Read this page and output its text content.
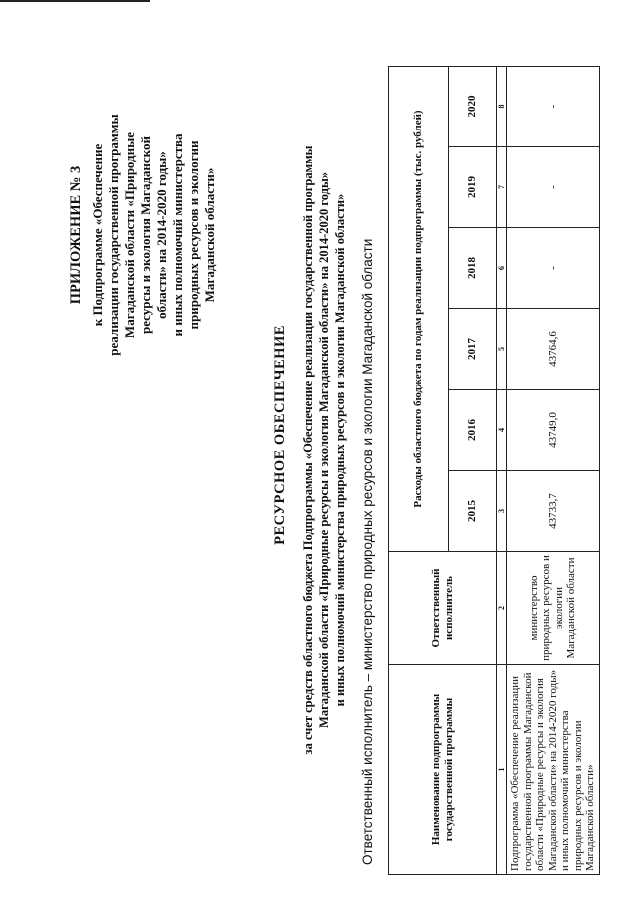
ПРИЛОЖЕНИЕ № 3 к Подпрограмме «Обеспечение реализации государственной программы Магаданской области «Природные ресурсы и экология Магаданской области» на 2014-2020 годы» и иных полномочий министерства природных ресурсов и экологии Магаданской области»
РЕСУРСНОЕ ОБЕСПЕЧЕНИЕ за счет средств областного бюджета Подпрограммы «Обеспечение реализации государственной программы Магаданской области «Природные ресурсы и экология Магаданской области» на 2014-2020 годы» и иных полномочий министерства природных ресурсов и экологии Магаданской области» Ответственный исполнитель – министерство природных ресурсов и экологии Магаданской области	Наименование подпрограммы государственной программы	Ответственный исполнитель	Расходы областного бюджета по годам реализации подпрограммы (тыс. рублей)					
		2015	2016	2017	2018	2019	2020
1	2	3	4	5	6	7	8
Подпрограмма «Обеспечение реализации государственной программы Магаданской области «Природные ресурсы и экология Магаданской области» на 2014-2020 годы» и иных полномочий министерства природных ресурсов и экологии Магаданской области»	министерство природных ресурсов и экологии Магаданской области	43733,7	43749,0	43764,6	-	-	-
